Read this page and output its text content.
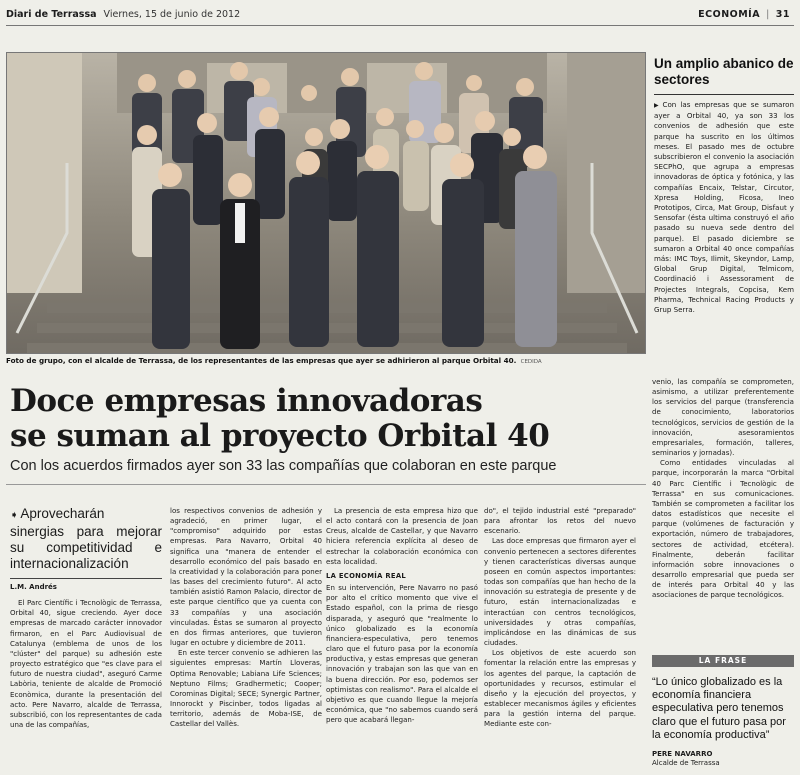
Diari de Terrassa Viernes, 15 de junio de 2012	ECONOMÍA | 31
Foto de grupo, con el alcalde de Terrassa, de los representantes de las empresas que ayer se adhirieron al parque Orbital 40. CEDIDA
Un amplio abanico de sectores
▶ Con las empresas que se sumaron ayer a Orbital 40, ya son 33 los convenios de adhesión que este parque ha suscrito en los últimos meses. El pasado mes de octubre subscribieron el convenio la asociación SECPhO, que agrupa a empresas innovadoras de óptica y fotónica, y las compañías Encaix, Telstar, Circutor, Xpresa Holding, Ficosa, Ineo Prototipos, Circa, Mat Group, Disfaut y Sensofar (ésta ultima construyó el año pasado su nueva sede dentro del parque). El pasado diciembre se sumaron a Orbital 40 once compañías más: IMC Toys, Ilimit, Skeyndor, Lamp, Global Grup Digital, Telmicom, Coordinació i Assessorament de Projectes Integrals, Copcisa, Kem Pharma, Technical Racing Products y Grup Serra.
Doce empresas innovadoras
se suman al proyecto Orbital 40
Con los acuerdos firmados ayer son 33 las compañías que colaboran en este parque
➧ Aprovecharán sinergias para mejorar su competitividad e internacionalización
L.M. Andrés

El Parc Científic i Tecnològic de Terrassa, Orbital 40, sigue creciendo. Ayer doce empresas de marcado carácter innovador firmaron, en el Parc Audiovisual de Catalunya (emblema de unos de los "clúster" del parque) su adhesión este proyecto estratégico que "es clave para el futuro de nuestra ciudad", aseguró Carme Labòria, teniente de alcalde de Promoció Econòmica, durante la presentación del acto. Pere Navarro, alcalde de Terrassa, subscribió, con los representantes de cada una de las compañías,

los respectivos convenios de adhesión y agradeció, en primer lugar, el "compromiso" adquirido por estas empresas. Para Navarro, Orbital 40 significa una "manera de entender el desarrollo económico del país basado en la creatividad y la colaboración para poner las bases del crecimiento futuro". Al acto también asistió Ramon Palacio, director de este parque científico que ya cuenta con 33 compañías y una asociación vinculadas. Éstas se sumaron al proyecto en dos firmas anteriores, que tuvieron lugar en octubre y diciembre de 2011.

En este tercer convenio se adhieren las siguientes empresas: Martín Lloveras, Optima Renovable; Labiana Life Sciences; Neptuno Films; Gradhermetic; Cooper; Corominas Digital; SECE; Synergic Partner, Innorockt y Piscinber, todos ligadas al territorio, además de Moba-ISE, de Castellar del Vallès.

La presencia de esta empresa hizo que el acto contará con la presencia de Joan Creus, alcalde de Castellar, y que Navarro hiciera referencia explícita al deseo de estrechar la colaboración económica con esta localidad.

LA ECONOMÍA REAL

En su intervención, Pere Navarro no pasó por alto el crítico momento que vive el Estado español, con la prima de riesgo disparada, y aseguró que "realmente lo único globalizado es la economía financiera-especulativa, pero tenemos claro que el futuro pasa por la economía productiva, y estas empresas que generan innovación y trabajan son las que van en la buena dirección. Por eso, podemos ser optimistas con realismo". Para el alcalde el objetivo es que cuando llegue la mejoría económica, que "no sabemos cuando será pero que acabará llegan-

do", el tejido industrial esté "preparado" para afrontar los retos del nuevo escenario.

Las doce empresas que firmaron ayer el convenio pertenecen a sectores diferentes y tienen características diversas aunque poseen en común aspectos importantes: todas son compañías que han hecho de la innovación su estrategia de presente y de futuro, están internacionalizadas e interactúan con centros tecnológicos, universidades y otras compañías, implicándose en las dinámicas de sus ciudades.

Los objetivos de este acuerdo son fomentar la relación entre las empresas y los agentes del parque, la captación de oportunidades y recursos, estimular el diseño y la ejecución del proyectos, y establecer mecanismos ágiles y eficientes para la gestión interna del parque. Mediante este con-

venio, las compañía se comprometen, asimismo, a utilizar preferentemente los servicios del parque (transferencia de conocimiento, laboratorios tecnológicos, servicios de gestión de la innovación, asesoramientos empresariales, formación, talleres, seminarios y jornadas).

Como entidades vinculadas al parque, incorporarán la marca "Orbital 40 Parc Científic i Tecnològic de Terrassa" en sus comunicaciones. También se comprometen a facilitar los datos estadísticos que necesite el parque (volúmenes de facturación y exportación, número de trabajadores, sectores de actividad, etcétera). Finalmente, deberán facilitar información sobre innovaciones o desarrollo empresarial que pueda ser de interés para Orbital 40 y las asociaciones de parque tecnológicos.

LA FRASE
“Lo único globalizado es la economía financiera especulativa pero tenemos claro que el futuro pasa por la economía productiva”
PERE NAVARRO
Alcalde de Terrassa
